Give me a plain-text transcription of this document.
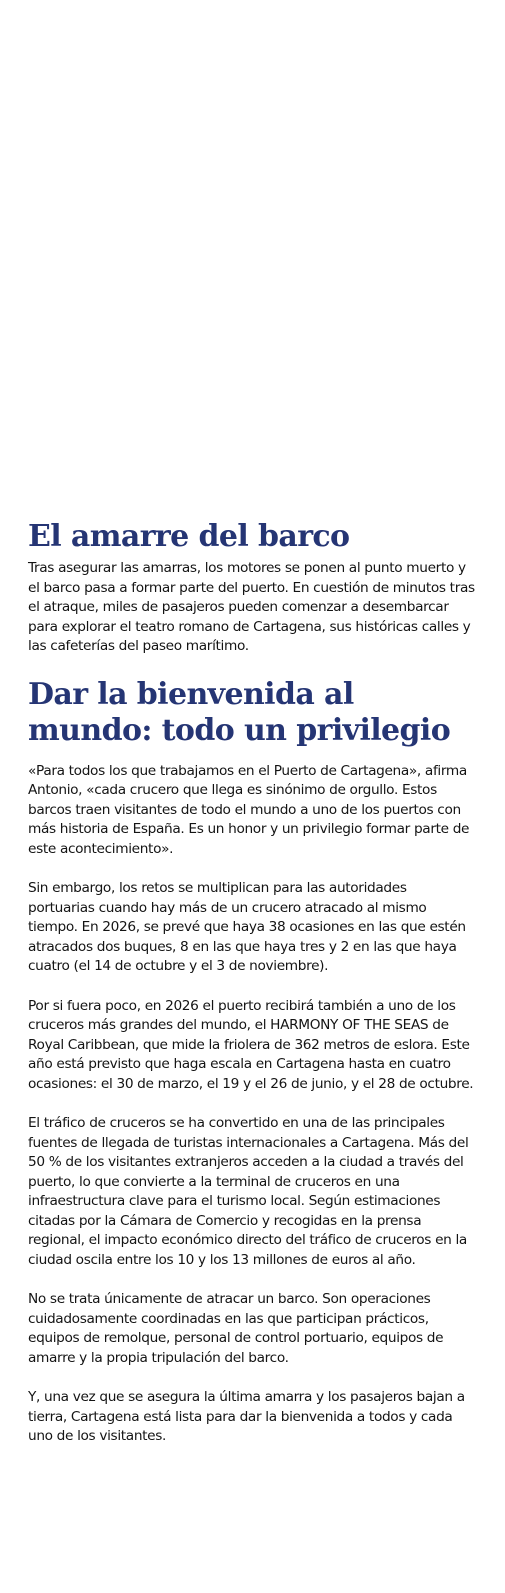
El amarre del barco

Tras asegurar las amarras, los motores se ponen al punto muerto y el barco pasa a formar parte del puerto. En cuestión de minutos tras el atraque, miles de pasajeros pueden comenzar a desembarcar para explorar el teatro romano de Cartagena, sus históricas calles y las cafeterías del paseo marítimo.

Dar la bienvenida al mundo: todo un privilegio

«Para todos los que trabajamos en el Puerto de Cartagena», afirma Antonio, «cada crucero que llega es sinónimo de orgullo. Estos barcos traen visitantes de todo el mundo a uno de los puertos con más historia de España. Es un honor y un privilegio formar parte de este acontecimiento».

Sin embargo, los retos se multiplican para las autoridades portuarias cuando hay más de un crucero atracado al mismo tiempo. En 2026, se prevé que haya 38 ocasiones en las que estén atracados dos buques, 8 en las que haya tres y 2 en las que haya cuatro (el 14 de octubre y el 3 de noviembre).

Por si fuera poco, en 2026 el puerto recibirá también a uno de los cruceros más grandes del mundo, el HARMONY OF THE SEAS de Royal Caribbean, que mide la friolera de 362 metros de eslora. Este año está previsto que haga escala en Cartagena hasta en cuatro ocasiones: el 30 de marzo, el 19 y el 26 de junio, y el 28 de octubre.

El tráfico de cruceros se ha convertido en una de las principales fuentes de llegada de turistas internacionales a Cartagena. Más del 50 % de los visitantes extranjeros acceden a la ciudad a través del puerto, lo que convierte a la terminal de cruceros en una infraestructura clave para el turismo local. Según estimaciones citadas por la Cámara de Comercio y recogidas en la prensa regional, el impacto económico directo del tráfico de cruceros en la ciudad oscila entre los 10 y los 13 millones de euros al año.

No se trata únicamente de atracar un barco. Son operaciones cuidadosamente coordinadas en las que participan prácticos, equipos de remolque, personal de control portuario, equipos de amarre y la propia tripulación del barco.

Y, una vez que se asegura la última amarra y los pasajeros bajan a tierra, Cartagena está lista para dar la bienvenida a todos y cada uno de los visitantes.
